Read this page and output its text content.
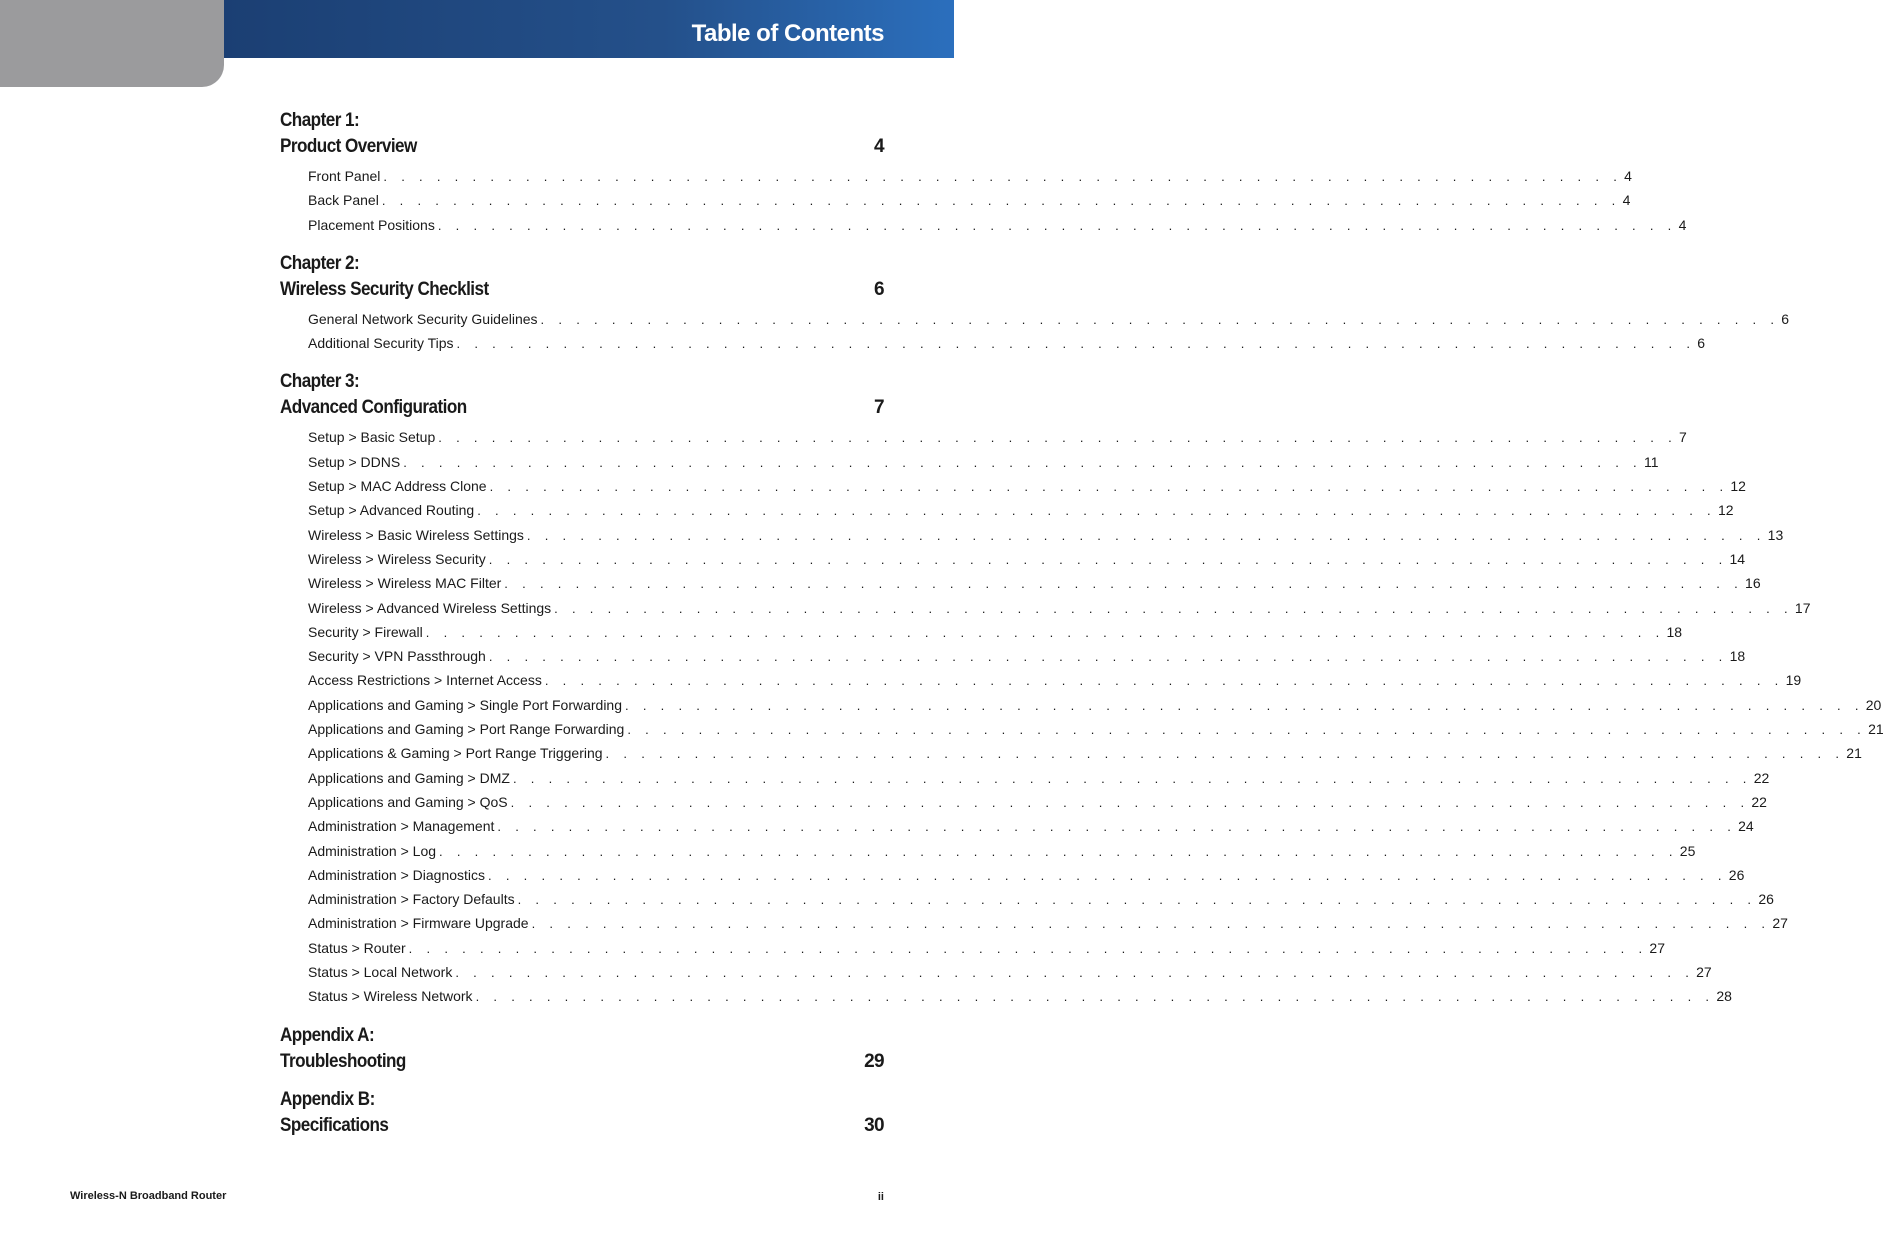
Table of Contents
Chapter 1:
Product Overview	4
Front Panel . . . . . . . . . . . . . . . . . . . . . . . . . . . . . . . . . . . . . . . . . . . . . . . . . . . . . . . . . . . . . . . . . . . . . . 4
Back Panel . . . . . . . . . . . . . . . . . . . . . . . . . . . . . . . . . . . . . . . . . . . . . . . . . . . . . . . . . . . . . . . . . . . . . . 4
Placement Positions . . . . . . . . . . . . . . . . . . . . . . . . . . . . . . . . . . . . . . . . . . . . . . . . . . . . . . . . . . . . . . . . . . . . . . 4
Chapter 2:
Wireless Security Checklist	6
General Network Security Guidelines . . . . . . . . . . . . . . . . . . . . . . . . . . . . . . . . . . . . . . . . . . . . . . . . . . . . . . . . . . . . . . . . . . . . . . 6
Additional Security Tips . . . . . . . . . . . . . . . . . . . . . . . . . . . . . . . . . . . . . . . . . . . . . . . . . . . . . . . . . . . . . . . . . . . . . . 6
Chapter 3:
Advanced Configuration	7
Setup > Basic Setup . . . . . . . . . . . . . . . . . . . . . . . . . . . . . . . . . . . . . . . . . . . . . . . . . . . . . . . . . . . . . . . . . . . . . . 7
Setup > DDNS . . . . . . . . . . . . . . . . . . . . . . . . . . . . . . . . . . . . . . . . . . . . . . . . . . . . . . . . . . . . . . . . . . . . . . 11
Setup > MAC Address Clone . . . . . . . . . . . . . . . . . . . . . . . . . . . . . . . . . . . . . . . . . . . . . . . . . . . . . . . . . . . . . . . . . . . . . . 12
Setup > Advanced Routing . . . . . . . . . . . . . . . . . . . . . . . . . . . . . . . . . . . . . . . . . . . . . . . . . . . . . . . . . . . . . . . . . . . . . . 12
Wireless > Basic Wireless Settings . . . . . . . . . . . . . . . . . . . . . . . . . . . . . . . . . . . . . . . . . . . . . . . . . . . . . . . . . . . . . . . . . . . . . . 13
Wireless > Wireless Security . . . . . . . . . . . . . . . . . . . . . . . . . . . . . . . . . . . . . . . . . . . . . . . . . . . . . . . . . . . . . . . . . . . . . . 14
Wireless > Wireless MAC Filter . . . . . . . . . . . . . . . . . . . . . . . . . . . . . . . . . . . . . . . . . . . . . . . . . . . . . . . . . . . . . . . . . . . . . . 16
Wireless > Advanced Wireless Settings . . . . . . . . . . . . . . . . . . . . . . . . . . . . . . . . . . . . . . . . . . . . . . . . . . . . . . . . . . . . . . . . . . . . . . 17
Security > Firewall . . . . . . . . . . . . . . . . . . . . . . . . . . . . . . . . . . . . . . . . . . . . . . . . . . . . . . . . . . . . . . . . . . . . . . 18
Security > VPN Passthrough . . . . . . . . . . . . . . . . . . . . . . . . . . . . . . . . . . . . . . . . . . . . . . . . . . . . . . . . . . . . . . . . . . . . . . 18
Access Restrictions > Internet Access . . . . . . . . . . . . . . . . . . . . . . . . . . . . . . . . . . . . . . . . . . . . . . . . . . . . . . . . . . . . . . . . . . . . . . 19
Applications and Gaming > Single Port Forwarding . . . . . . . . . . . . . . . . . . . . . . . . . . . . . . . . . . . . . . . . . . . . . . . . . . . . . . . . . . . . . . . . . . . . . . 20
Applications and Gaming > Port Range Forwarding . . . . . . . . . . . . . . . . . . . . . . . . . . . . . . . . . . . . . . . . . . . . . . . . . . . . . . . . . . . . . . . . . . . . . . 21
Applications & Gaming > Port Range Triggering . . . . . . . . . . . . . . . . . . . . . . . . . . . . . . . . . . . . . . . . . . . . . . . . . . . . . . . . . . . . . . . . . . . . . . 21
Applications and Gaming > DMZ . . . . . . . . . . . . . . . . . . . . . . . . . . . . . . . . . . . . . . . . . . . . . . . . . . . . . . . . . . . . . . . . . . . . . . 22
Applications and Gaming > QoS . . . . . . . . . . . . . . . . . . . . . . . . . . . . . . . . . . . . . . . . . . . . . . . . . . . . . . . . . . . . . . . . . . . . . . 22
Administration > Management . . . . . . . . . . . . . . . . . . . . . . . . . . . . . . . . . . . . . . . . . . . . . . . . . . . . . . . . . . . . . . . . . . . . . . 24
Administration > Log . . . . . . . . . . . . . . . . . . . . . . . . . . . . . . . . . . . . . . . . . . . . . . . . . . . . . . . . . . . . . . . . . . . . . . 25
Administration > Diagnostics . . . . . . . . . . . . . . . . . . . . . . . . . . . . . . . . . . . . . . . . . . . . . . . . . . . . . . . . . . . . . . . . . . . . . . 26
Administration > Factory Defaults . . . . . . . . . . . . . . . . . . . . . . . . . . . . . . . . . . . . . . . . . . . . . . . . . . . . . . . . . . . . . . . . . . . . . . 26
Administration > Firmware Upgrade . . . . . . . . . . . . . . . . . . . . . . . . . . . . . . . . . . . . . . . . . . . . . . . . . . . . . . . . . . . . . . . . . . . . . . 27
Status > Router . . . . . . . . . . . . . . . . . . . . . . . . . . . . . . . . . . . . . . . . . . . . . . . . . . . . . . . . . . . . . . . . . . . . . . 27
Status > Local Network . . . . . . . . . . . . . . . . . . . . . . . . . . . . . . . . . . . . . . . . . . . . . . . . . . . . . . . . . . . . . . . . . . . . . . 27
Status > Wireless Network . . . . . . . . . . . . . . . . . . . . . . . . . . . . . . . . . . . . . . . . . . . . . . . . . . . . . . . . . . . . . . . . . . . . . . 28
Appendix A:
Troubleshooting	29
Appendix B:
Specifications	30
Wireless-N Broadband Router	ii
